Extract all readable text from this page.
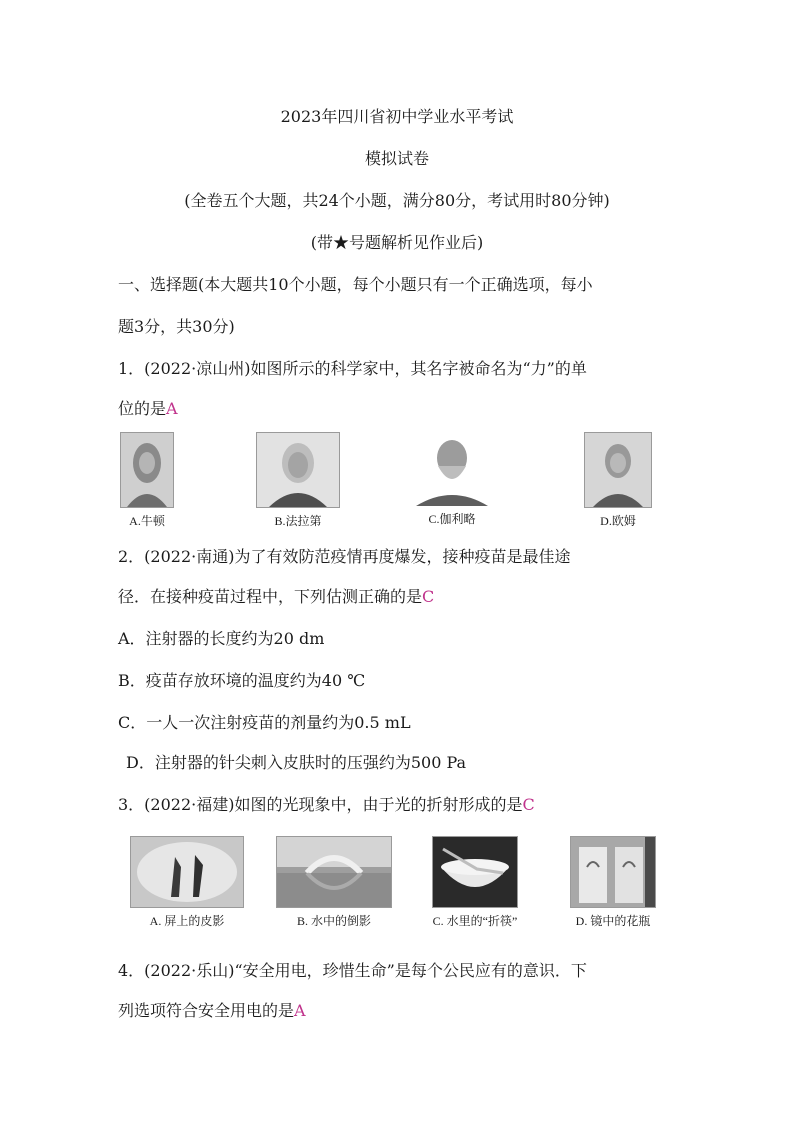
2023年四川省初中学业水平考试
模拟试卷
(全卷五个大题，共24个小题，满分80分，考试用时80分钟)
(带★号题解析见作业后)
一、选择题(本大题共10个小题，每个小题只有一个正确选项，每小
题3分，共30分)
1．(2022·凉山州)如图所示的科学家中，其名字被命名为“力”的单
位的是A
A.牛顿	B.法拉第	C.伽利略	D.欧姆
2．(2022·南通)为了有效防范疫情再度爆发，接种疫苗是最佳途
径．在接种疫苗过程中，下列估测正确的是C
A．注射器的长度约为20 dm
B．疫苗存放环境的温度约为40 ℃
C．一人一次注射疫苗的剂量约为0.5 mL
D．注射器的针尖刺入皮肤时的压强约为500 Pa
3．(2022·福建)如图的光现象中，由于光的折射形成的是C
A. 屏上的皮影	B. 水中的倒影	C. 水里的“折筷”	D. 镜中的花瓶
4．(2022·乐山)“安全用电，珍惜生命”是每个公民应有的意识．下
列选项符合安全用电的是A
